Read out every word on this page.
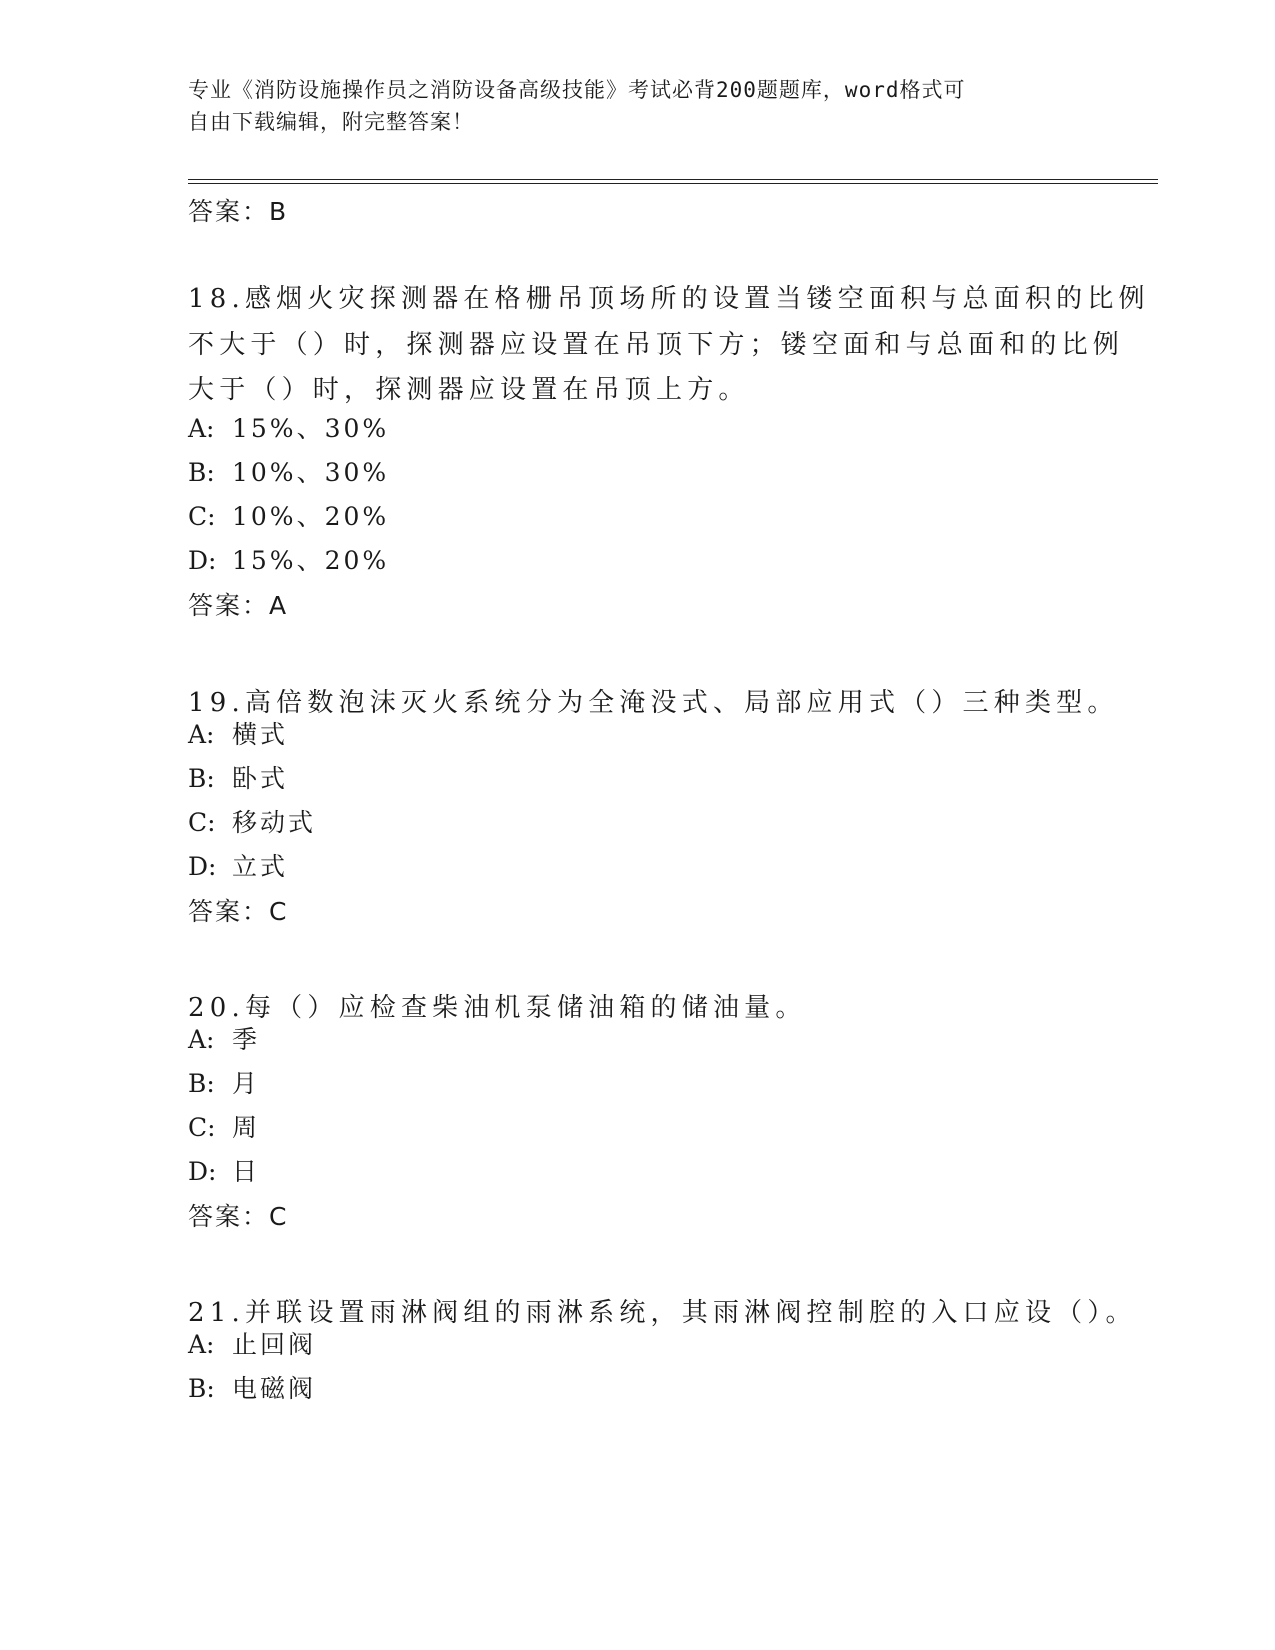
专业《消防设施操作员之消防设备高级技能》考试必背200题题库，word格式可
自由下载编辑，附完整答案！
答案：B
18.感烟火灾探测器在格栅吊顶场所的设置当镂空面积与总面积的比例
不大于（）时，探测器应设置在吊顶下方；镂空面和与总面和的比例
大于（）时，探测器应设置在吊顶上方。
A: 15%、30%
B: 10%、30%
C: 10%、20%
D: 15%、20%
答案：A
19.高倍数泡沫灭火系统分为全淹没式、局部应用式（）三种类型。
A: 横式
B: 卧式
C: 移动式
D: 立式
答案：C
20.每（）应检查柴油机泵储油箱的储油量。
A: 季
B: 月
C: 周
D: 日
答案：C
21.并联设置雨淋阀组的雨淋系统，其雨淋阀控制腔的入口应设（）。
A: 止回阀
B: 电磁阀
